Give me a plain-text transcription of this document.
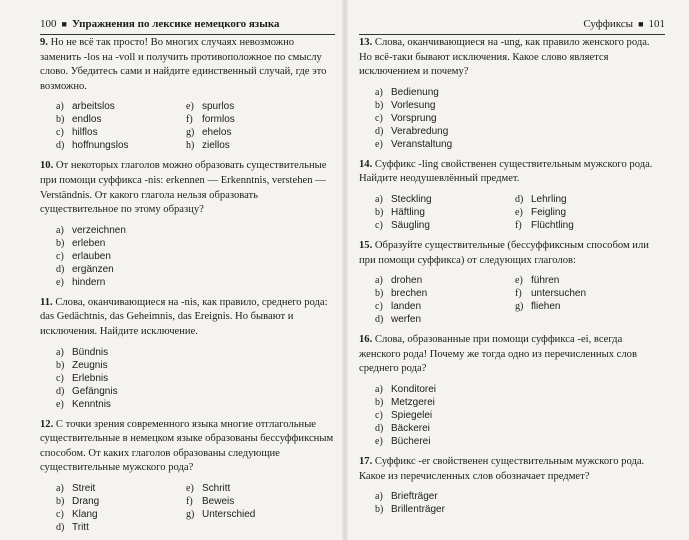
100 ■ Упражнения по лексике немецкого языка

9. Но не всё так просто! Во многих случаях невозможно заменить -los на -voll и получить противоположное по смыслу слово. Убедитесь сами и найдите единственный случай, где это возможно.

a) arbeitslos
b) endlos
c) hilflos
d) hoffnungslos
e) spurlos
f) formlos
g) ehelos
h) ziellos

10. От некоторых глаголов можно образовать существительные при помощи суффикса -nis: erkennen — Erkenntnis, verstehen — Verständnis. От какого глагола нельзя образовать существительное по этому образцу?

a) verzeichnen
b) erleben
c) erlauben
d) ergänzen
e) hindern

11. Слова, оканчивающиеся на -nis, как правило, среднего рода: das Gedächtnis, das Geheimnis, das Ereignis. Но бывают и исключения. Найдите исключение.

a) Bündnis
b) Zeugnis
c) Erlebnis
d) Gefängnis
e) Kenntnis

12. С точки зрения современного языка многие отглагольные существительные в немецком языке образованы бессуффиксным способом. От каких глаголов образованы следующие существительные мужского рода?

a) Streit
b) Drang
c) Klang
d) Tritt
e) Schritt
f) Beweis
g) Unterschied
Суффиксы ■ 101

13. Слова, оканчивающиеся на -ung, как правило женского рода. Но всё-таки бывают исключения. Какое слово является исключением и почему?

a) Bedienung
b) Vorlesung
c) Vorsprung
d) Verabredung
e) Veranstaltung

14. Суффикс -ling свойственен существительным мужского рода. Найдите неодушевлённый предмет.

a) Steckling
b) Häftling
c) Säugling
d) Lehrling
e) Feigling
f) Flüchtling

15. Образуйте существительные (бессуффиксным способом или при помощи суффикса) от следующих глаголов:

a) drohen
b) brechen
c) landen
d) werfen
e) führen
f) untersuchen
g) fliehen

16. Слова, образованные при помощи суффикса -ei, всегда женского рода! Почему же тогда одно из перечисленных слов среднего рода?

a) Konditorei
b) Metzgerei
c) Spiegelei
d) Bäckerei
e) Bücherei

17. Суффикс -er свойственен существительным мужского рода. Какое из перечисленных слов обозначает предмет?

a) Briefträger
b) Brillenträger
